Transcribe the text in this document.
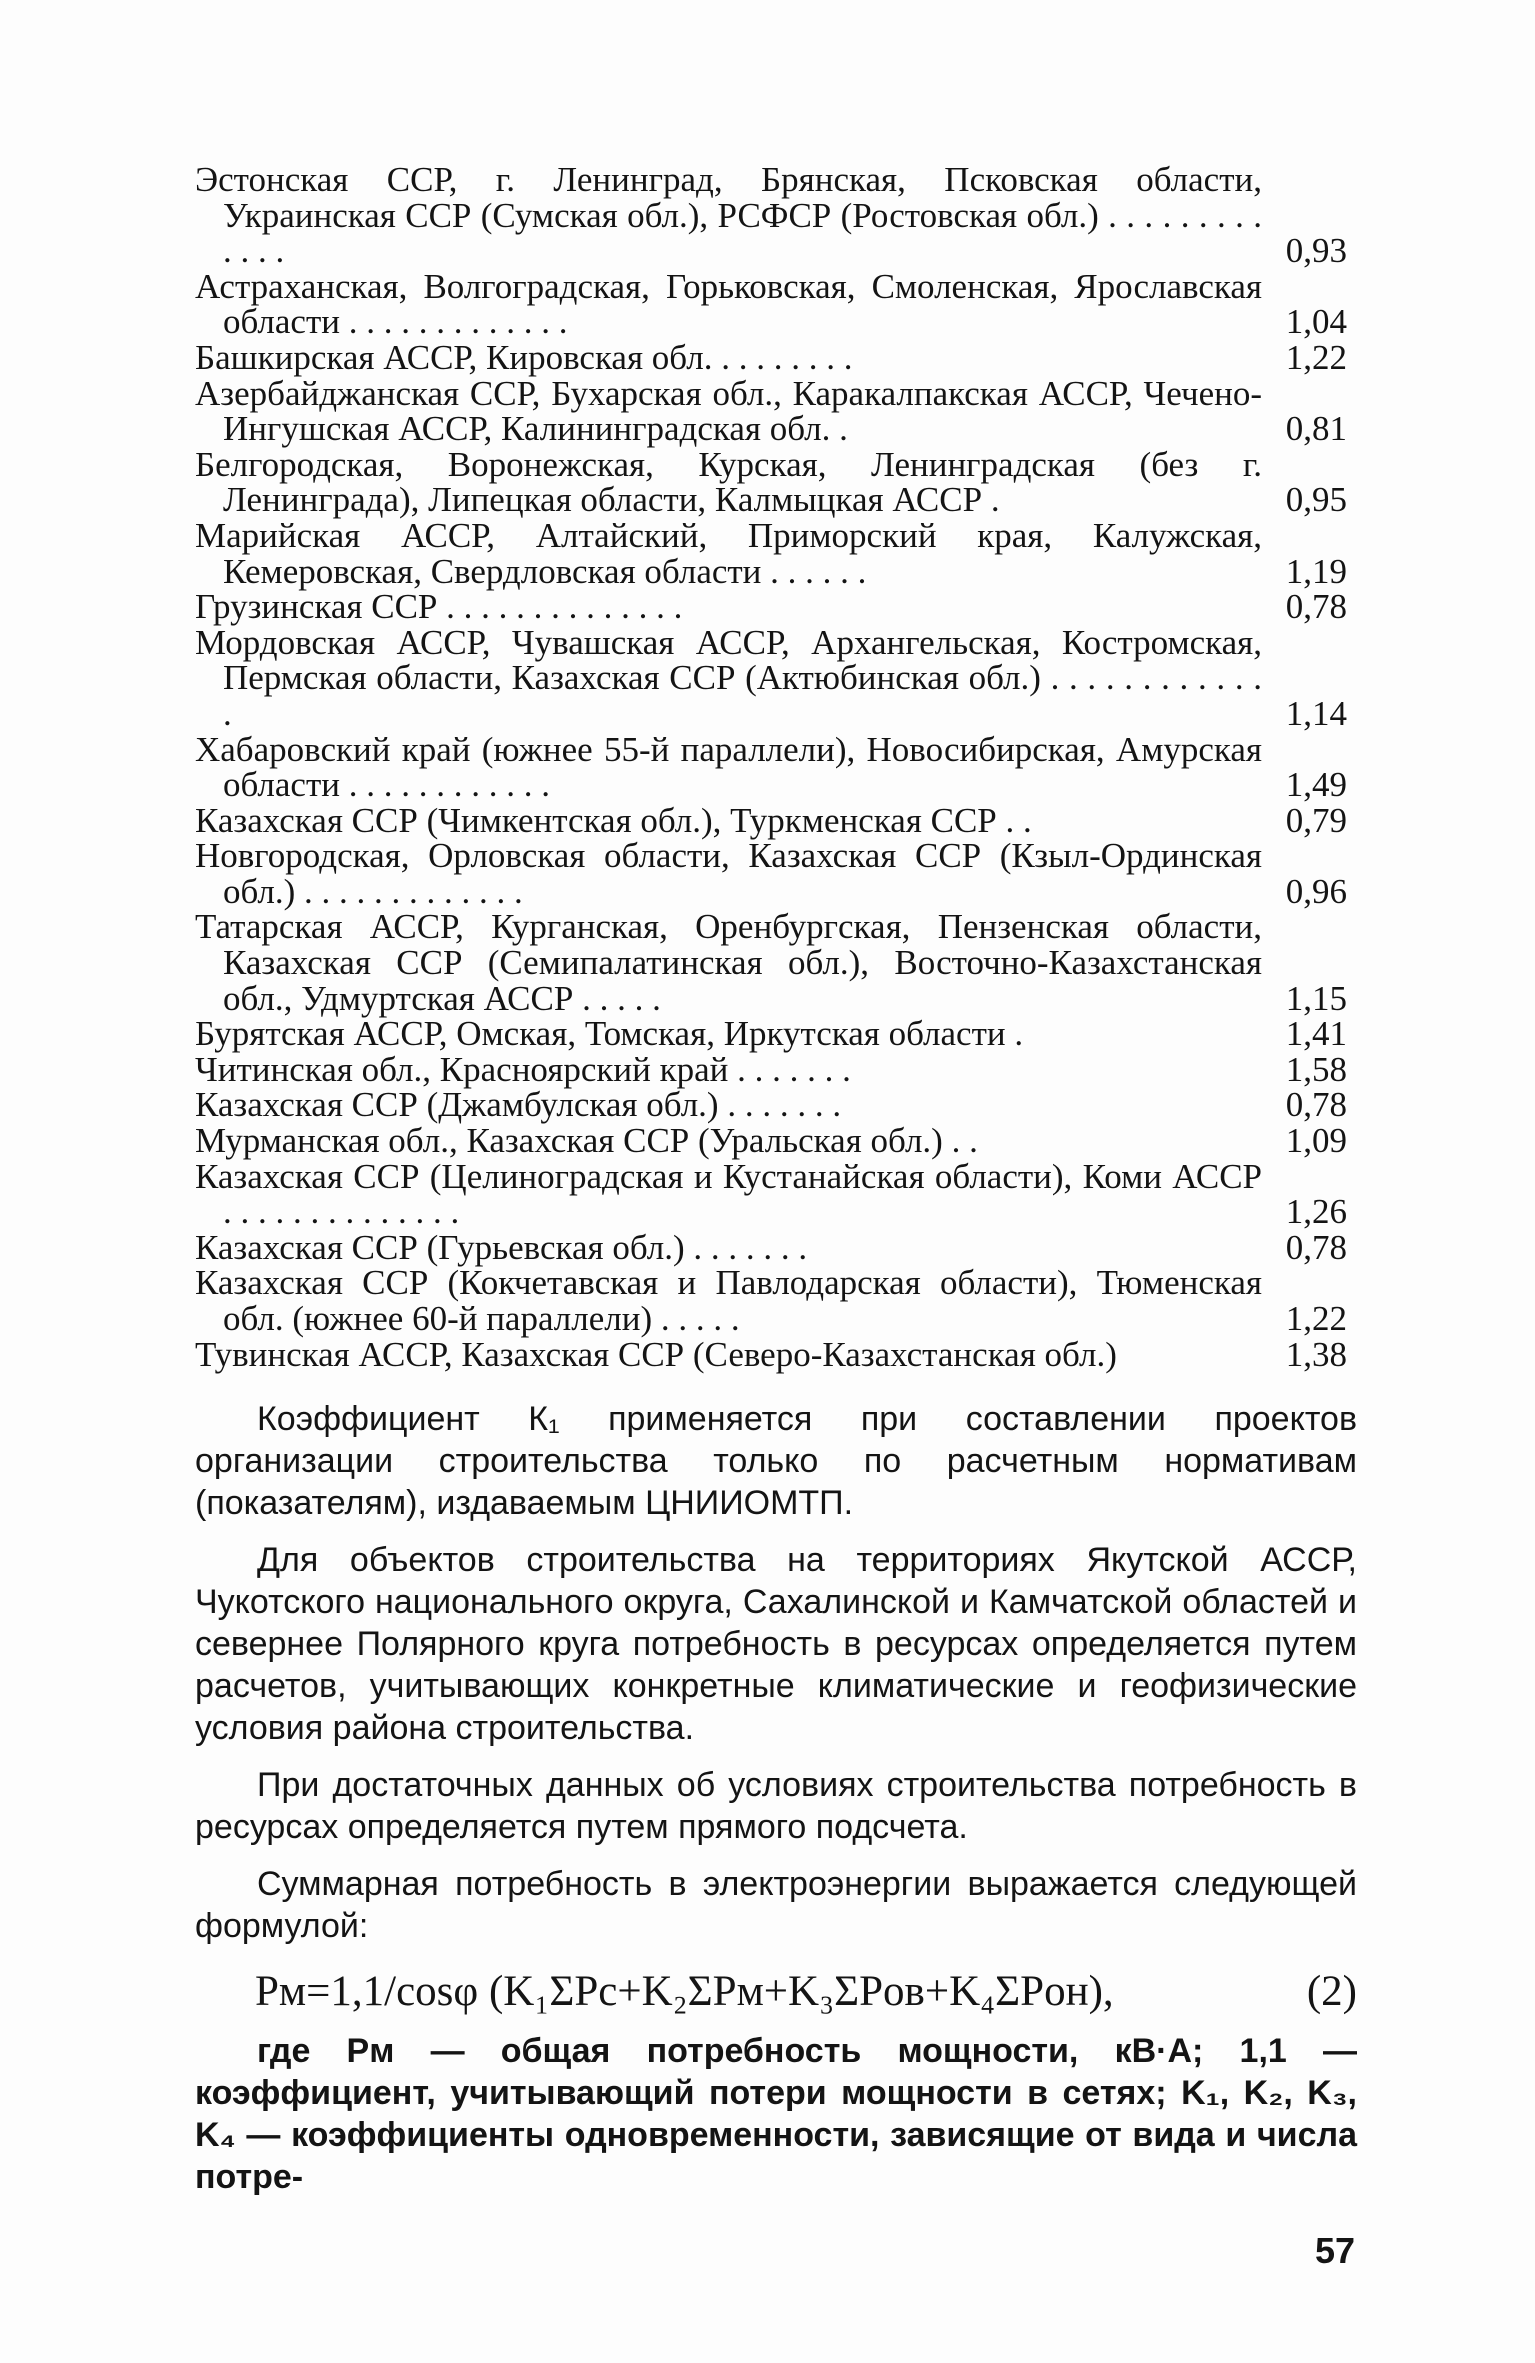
Эстонская ССР, г. Ленинград, Брянская, Псковская области, Украинская ССР (Сумская обл.), РСФСР (Ростовская обл.) . . . . . . . . . . . . .	0,93
Астраханская, Волгоградская, Горьковская, Смоленская, Ярославская области . . . . . . . . . . . . .	1,04
Башкирская АССР, Кировская обл. . . . . . . . .	1,22
Азербайджанская ССР, Бухарская обл., Каракалпакская АССР, Чечено-Ингушская АССР, Калининградская обл. .	0,81
Белгородская, Воронежская, Курская, Ленинградская (без г. Ленинграда), Липецкая области, Калмыцкая АССР .	0,95
Марийская АССР, Алтайский, Приморский края, Калужская, Кемеровская, Свердловская области . . . . . .	1,19
Грузинская ССР . . . . . . . . . . . . . .	0,78
Мордовская АССР, Чувашская АССР, Архангельская, Костромская, Пермская области, Казахская ССР (Актюбинская обл.) . . . . . . . . . . . . .	1,14
Хабаровский край (южнее 55-й параллели), Новосибирская, Амурская области . . . . . . . . . . . .	1,49
Казахская ССР (Чимкентская обл.), Туркменская ССР . .	0,79
Новгородская, Орловская области, Казахская ССР (Кзыл-Ординская обл.) . . . . . . . . . . . . .	0,96
Татарская АССР, Курганская, Оренбургская, Пензенская области, Казахская ССР (Семипалатинская обл.), Восточно-Казахстанская обл., Удмуртская АССР . . . . .	1,15
Бурятская АССР, Омская, Томская, Иркутская области .	1,41
Читинская обл., Красноярский край . . . . . . .	1,58
Казахская ССР (Джамбулская обл.) . . . . . . .	0,78
Мурманская обл., Казахская ССР (Уральская обл.) . .	1,09
Казахская ССР (Целиноградская и Кустанайская области), Коми АССР . . . . . . . . . . . . . .	1,26
Казахская ССР (Гурьевская обл.) . . . . . . .	0,78
Казахская ССР (Кокчетавская и Павлодарская области), Тюменская обл. (южнее 60-й параллели) . . . . .	1,22
Тувинская АССР, Казахская ССР (Северо-Казахстанская обл.)	1,38

Коэффициент К₁ применяется при составлении проектов организации строительства только по расчетным нормативам (показателям), издаваемым ЦНИИОМТП.

Для объектов строительства на территориях Якутской АССР, Чукотского национального округа, Сахалинской и Камчатской областей и севернее Полярного круга потребность в ресурсах определяется путем расчетов, учитывающих конкретные климатические и геофизические условия района строительства.

При достаточных данных об условиях строительства потребность в ресурсах определяется путем прямого подсчета.

Суммарная потребность в электроэнергии выражается следующей формулой:

Pм=1,1/cosφ (K₁ΣPс+K₂ΣPм+K₃ΣPов+K₄ΣPон),	(2)

где Pм — общая потребность мощности, кВ·А; 1,1 — коэффициент, учитывающий потери мощности в сетях; K₁, K₂, K₃, K₄ — коэффициенты одновременности, зависящие от вида и числа потре-

57
